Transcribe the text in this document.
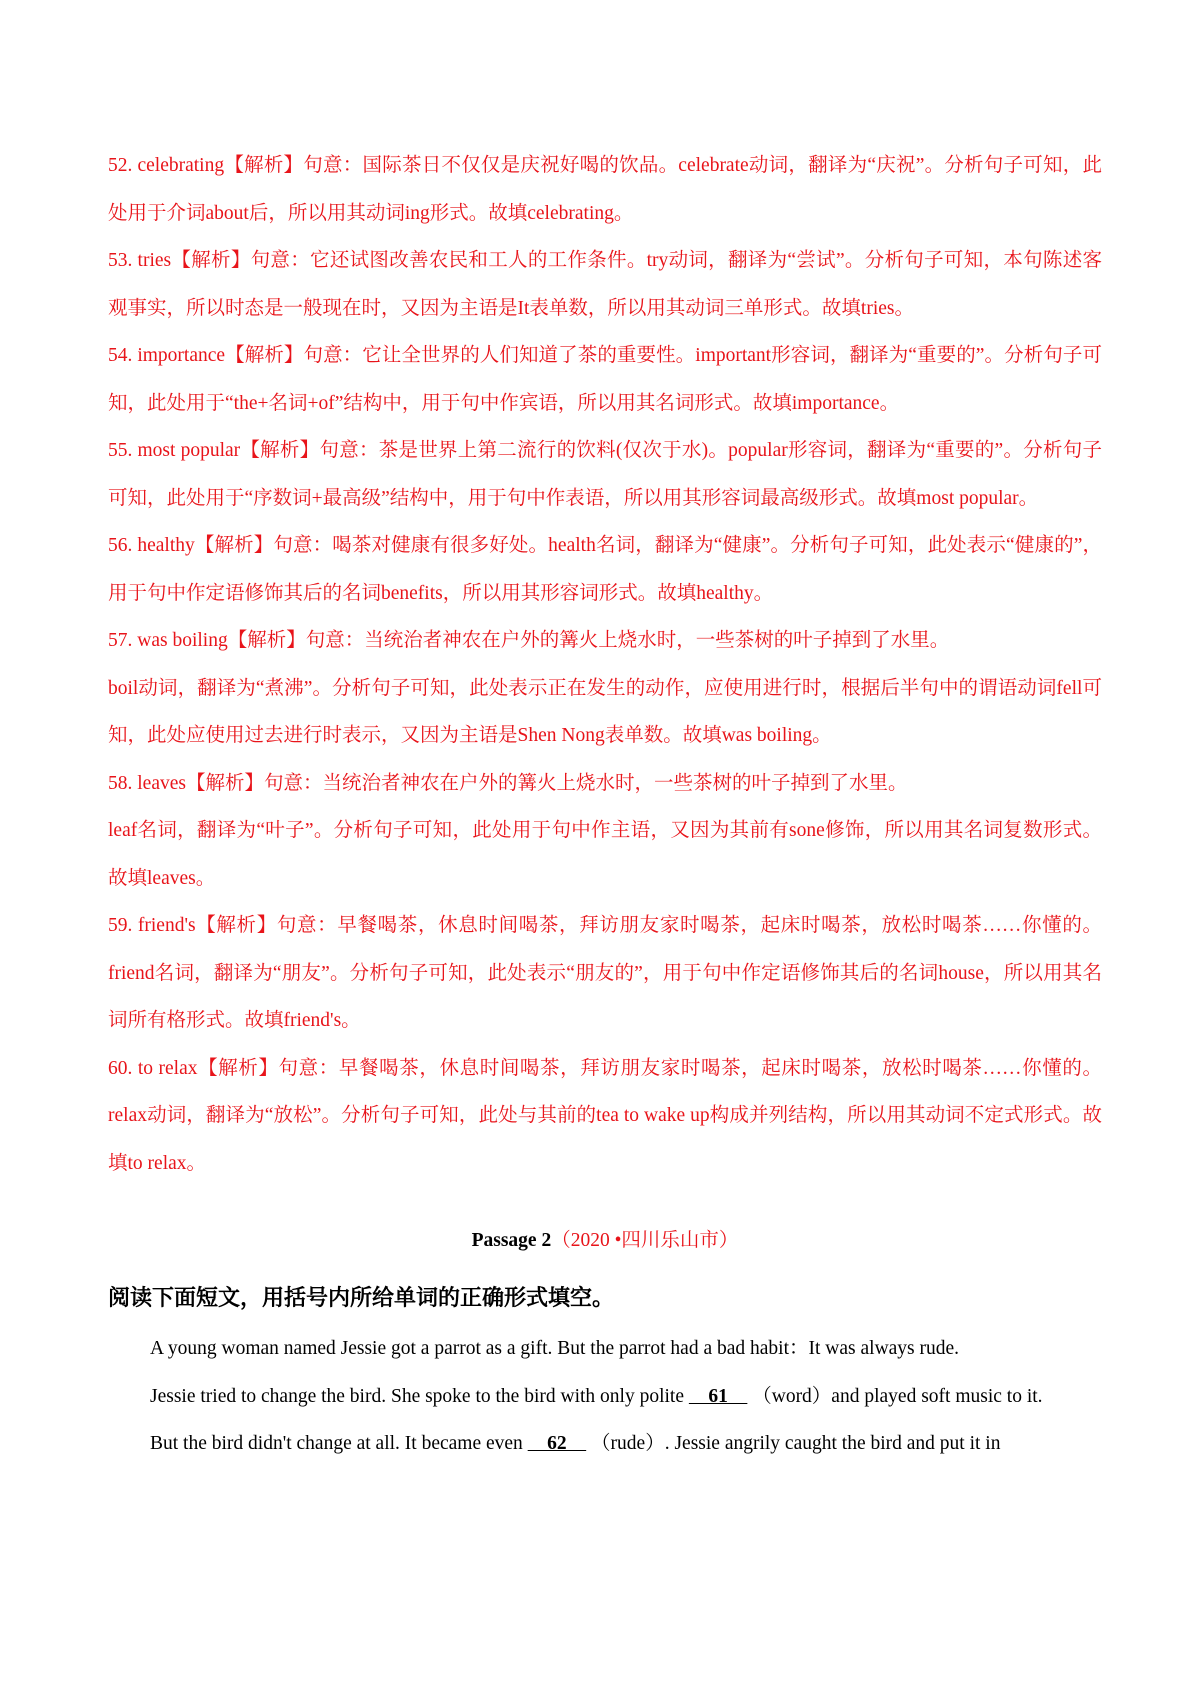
52. celebrating【解析】句意：国际茶日不仅仅是庆祝好喝的饮品。celebrate动词，翻译为“庆祝”。分析句子可知，此处用于介词about后，所以用其动词ing形式。故填celebrating。

53. tries【解析】句意：它还试图改善农民和工人的工作条件。try动词，翻译为“尝试”。分析句子可知，本句陈述客观事实，所以时态是一般现在时，又因为主语是It表单数，所以用其动词三单形式。故填tries。

54. importance【解析】句意：它让全世界的人们知道了茶的重要性。important形容词，翻译为“重要的”。分析句子可知，此处用于“the+名词+of”结构中，用于句中作宾语，所以用其名词形式。故填importance。

55. most popular【解析】句意：茶是世界上第二流行的饮料(仅次于水)。popular形容词，翻译为“重要的”。分析句子可知，此处用于“序数词+最高级”结构中，用于句中作表语，所以用其形容词最高级形式。故填most popular。

56. healthy【解析】句意：喝茶对健康有很多好处。health名词，翻译为“健康”。分析句子可知，此处表示“健康的”，用于句中作定语修饰其后的名词benefits，所以用其形容词形式。故填healthy。

57. was boiling【解析】句意：当统治者神农在户外的篝火上烧水时，一些茶树的叶子掉到了水里。

boil动词，翻译为“煮沸”。分析句子可知，此处表示正在发生的动作，应使用进行时，根据后半句中的谓语动词fell可知，此处应使用过去进行时表示，又因为主语是Shen Nong表单数。故填was boiling。

58. leaves【解析】句意：当统治者神农在户外的篝火上烧水时，一些茶树的叶子掉到了水里。

leaf名词，翻译为“叶子”。分析句子可知，此处用于句中作主语，又因为其前有sone修饰，所以用其名词复数形式。故填leaves。

59. friend's【解析】句意：早餐喝茶，休息时间喝茶，拜访朋友家时喝茶，起床时喝茶，放松时喝茶……你懂的。friend名词，翻译为“朋友”。分析句子可知，此处表示“朋友的”，用于句中作定语修饰其后的名词house，所以用其名词所有格形式。故填friend's。

60. to relax【解析】句意：早餐喝茶，休息时间喝茶，拜访朋友家时喝茶，起床时喝茶，放松时喝茶……你懂的。relax动词，翻译为“放松”。分析句子可知，此处与其前的tea to wake up构成并列结构，所以用其动词不定式形式。故填to relax。

Passage 2（2020 •四川乐山市）
阅读下面短文，用括号内所给单词的正确形式填空。

A young woman named Jessie got a parrot as a gift. But the parrot had a bad habit：It was always rude.

Jessie tried to change the bird. She spoke to the bird with only polite     61     （word）and played soft music to it.

But the bird didn't change at all. It became even     62     （rude）. Jessie angrily caught the bird and put it in
